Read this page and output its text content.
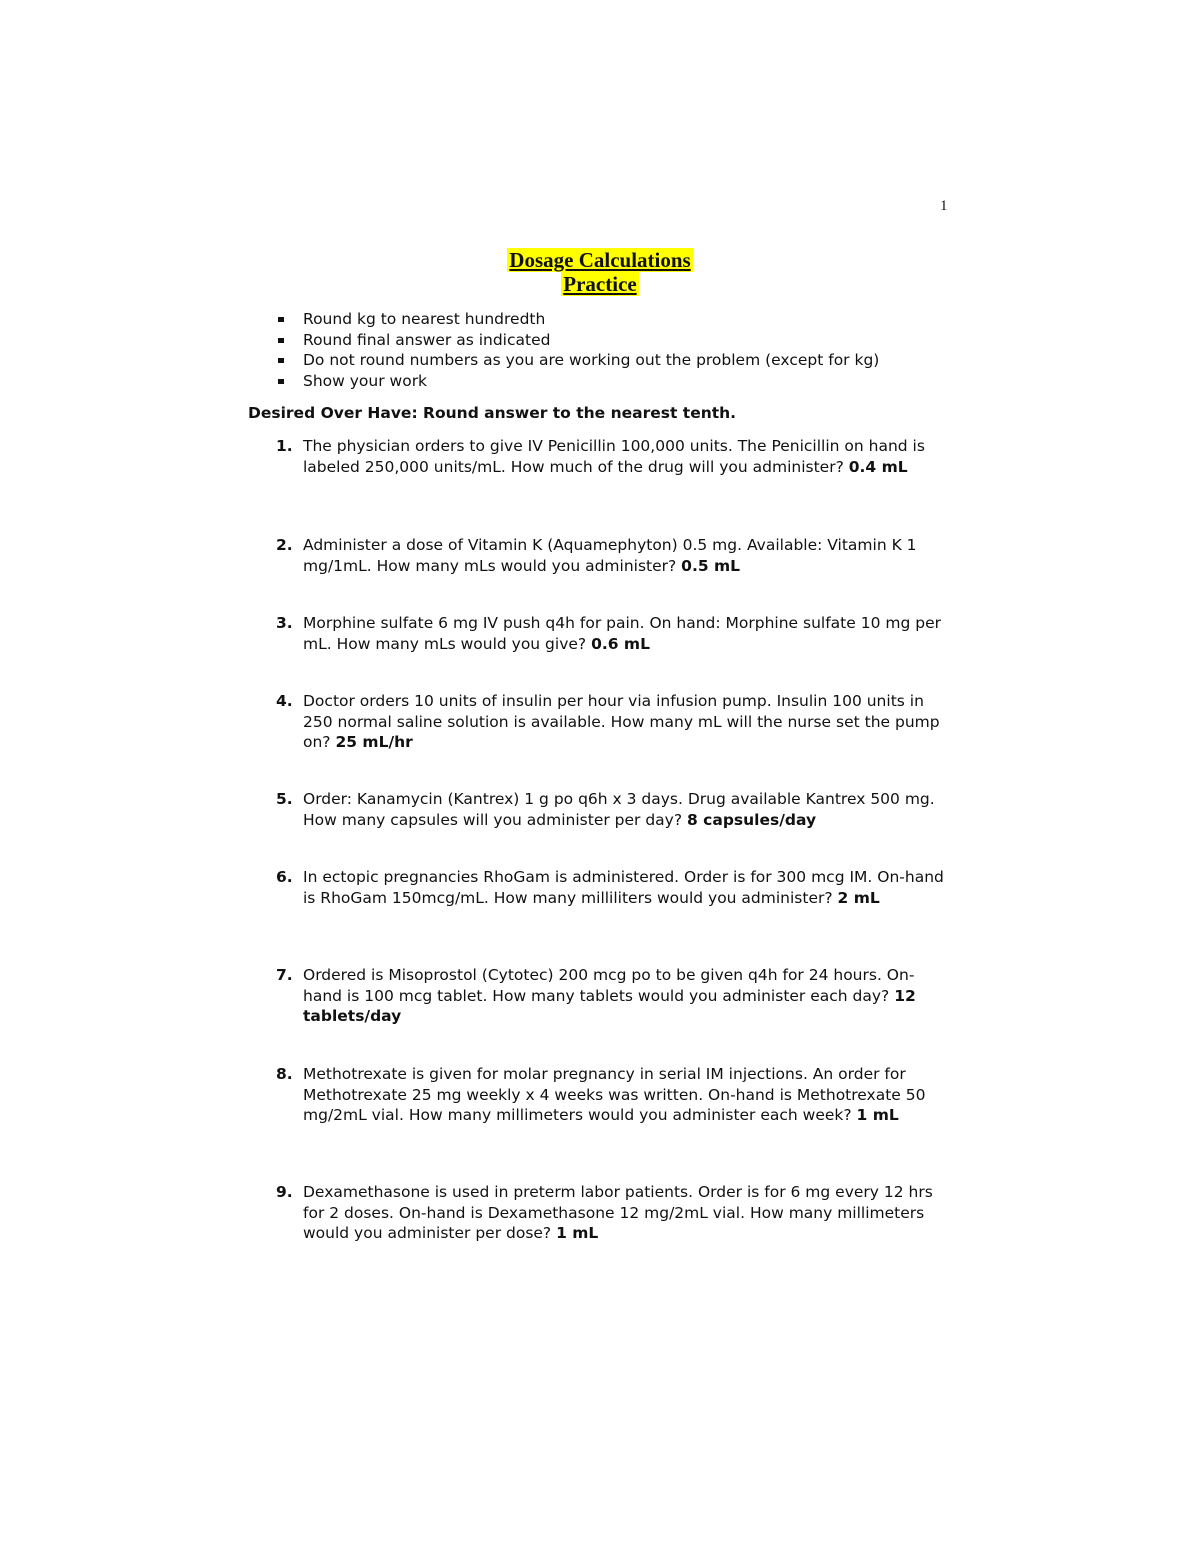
1
Dosage Calculations
Practice
Round kg to nearest hundredth
Round final answer as indicated
Do not round numbers as you are working out the problem (except for kg)
Show your work
Desired Over Have: Round answer to the nearest tenth.
1. The physician orders to give IV Penicillin 100,000 units. The Penicillin on hand is labeled 250,000 units/mL. How much of the drug will you administer? 0.4 mL
2. Administer a dose of Vitamin K (Aquamephyton) 0.5 mg. Available: Vitamin K 1 mg/1mL. How many mLs would you administer? 0.5 mL
3. Morphine sulfate 6 mg IV push q4h for pain. On hand: Morphine sulfate 10 mg per mL. How many mLs would you give? 0.6 mL
4. Doctor orders 10 units of insulin per hour via infusion pump. Insulin 100 units in 250 normal saline solution is available. How many mL will the nurse set the pump on? 25 mL/hr
5. Order: Kanamycin (Kantrex) 1 g po q6h x 3 days. Drug available Kantrex 500 mg. How many capsules will you administer per day? 8 capsules/day
6. In ectopic pregnancies RhoGam is administered. Order is for 300 mcg IM. On-hand is RhoGam 150mcg/mL. How many milliliters would you administer? 2 mL
7. Ordered is Misoprostol (Cytotec) 200 mcg po to be given q4h for 24 hours. On-hand is 100 mcg tablet. How many tablets would you administer each day? 12 tablets/day
8. Methotrexate is given for molar pregnancy in serial IM injections. An order for Methotrexate 25 mg weekly x 4 weeks was written. On-hand is Methotrexate 50 mg/2mL vial. How many millimeters would you administer each week? 1 mL
9. Dexamethasone is used in preterm labor patients. Order is for 6 mg every 12 hrs for 2 doses. On-hand is Dexamethasone 12 mg/2mL vial. How many millimeters would you administer per dose? 1 mL
